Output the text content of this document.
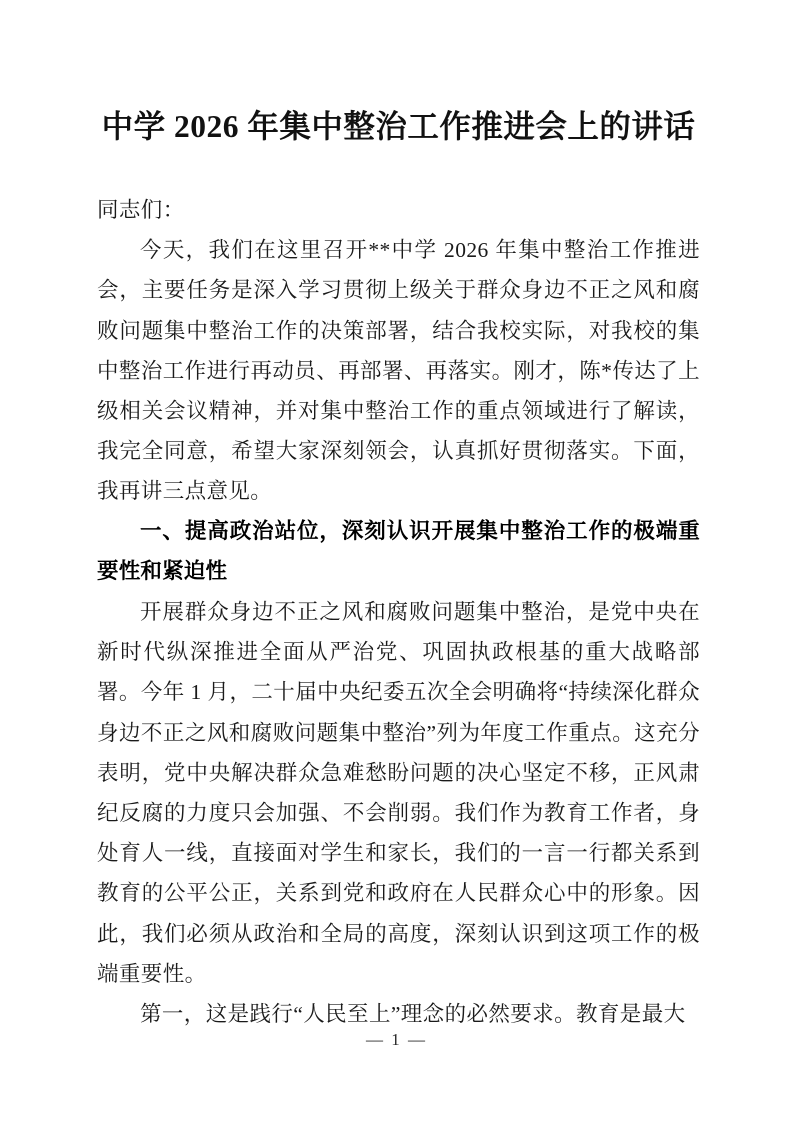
中学 2026 年集中整治工作推进会上的讲话

同志们：

今天，我们在这里召开**中学 2026 年集中整治工作推进会，主要任务是深入学习贯彻上级关于群众身边不正之风和腐败问题集中整治工作的决策部署，结合我校实际，对我校的集中整治工作进行再动员、再部署、再落实。刚才，陈*传达了上级相关会议精神，并对集中整治工作的重点领域进行了解读，我完全同意，希望大家深刻领会，认真抓好贯彻落实。下面，我再讲三点意见。

一、提高政治站位，深刻认识开展集中整治工作的极端重要性和紧迫性

开展群众身边不正之风和腐败问题集中整治，是党中央在新时代纵深推进全面从严治党、巩固执政根基的重大战略部署。今年 1 月，二十届中央纪委五次全会明确将“持续深化群众身边不正之风和腐败问题集中整治”列为年度工作重点。这充分表明，党中央解决群众急难愁盼问题的决心坚定不移，正风肃纪反腐的力度只会加强、不会削弱。我们作为教育工作者，身处育人一线，直接面对学生和家长，我们的一言一行都关系到教育的公平公正，关系到党和政府在人民群众心中的形象。因此，我们必须从政治和全局的高度，深刻认识到这项工作的极端重要性。

第一，这是践行“人民至上”理念的必然要求。教育是最大

— 1 —
